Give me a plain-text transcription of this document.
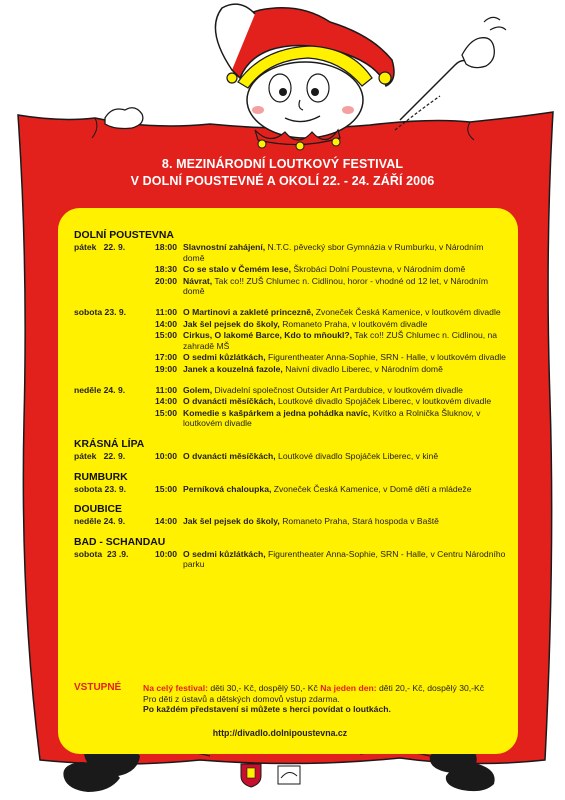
8. MEZINÁRODNÍ LOUTKOVÝ FESTIVAL
V DOLNÍ POUSTEVNÉ A OKOLÍ 22. - 24. ZÁŘÍ 2006
DOLNÍ POUSTEVNA
pátek   22. 9.	18:00 Slavnostní zahájení, N.T.C. pěvecký sbor Gymnázia v Rumburku, v Národním domě
18:30 Co se stalo v Čemém lese, Škrobáci Dolní Poustevna, v Národním domě
20:00 Návrat, Tak co!! ZUŠ Chlumec n. Cidlinou, horor - vhodné od 12 let, v Národním domě
sobota 23. 9.	11:00 O Martinovi a zakleté princezně, Zvoneček Česká Kamenice, v loutkovém divadle
14:00 Jak šel pejsek do školy, Romaneto Praha, v loutkovém divadle
15:00 Cirkus, O lakomé Barce, Kdo to mňoukl?, Tak co!! ZUŠ Chlumec n. Cidlinou, na zahradě MŠ
17:00 O sedmi kůzlátkách, Figurentheater Anna-Sophie, SRN - Halle, v loutkovém divadle
19:00 Janek a kouzelná fazole, Naivní divadlo Liberec, v Národním domě
neděle 24. 9.	11:00 Golem, Divadelní společnost Outsider Art Pardubice, v loutkovém divadle
14:00 O dvanácti měsíčkách, Loutkové divadlo Spojáček Liberec, v loutkovém divadle
15:00 Komedie s kašpárkem a jedna pohádka navíc, Kvítko a Rolnička Šluknov, v loutkovém divadle
KRÁSNÁ LÍPA
pátek   22. 9.	10:00 O dvanácti měsíčkách, Loutkové divadlo Spojáček Liberec, v kině
RUMBURK
sobota 23. 9.	15:00 Perníková chaloupka, Zvoneček Česká Kamenice, v Domě dětí a mládeže
DOUBICE
neděle 24. 9.	14:00 Jak šel pejsek do školy, Romaneto Praha, Stará hospoda v Baště
BAD - SCHANDAU
sobota  23 .9.	10:00 O sedmi kůzlátkách, Figurentheater Anna-Sophie, SRN - Halle, v Centru Národního parku
VSTUPNÉ	Na celý festival: děti 30,- Kč, dospělý 50,- Kč Na jeden den: děti 20,- Kč, dospělý 30,-Kč
Pro děti z ústavů a dětských domovů vstup zdarma.
Po každém představení si můžete s herci povídat o loutkách.
http://divadlo.dolnipoustevna.cz
